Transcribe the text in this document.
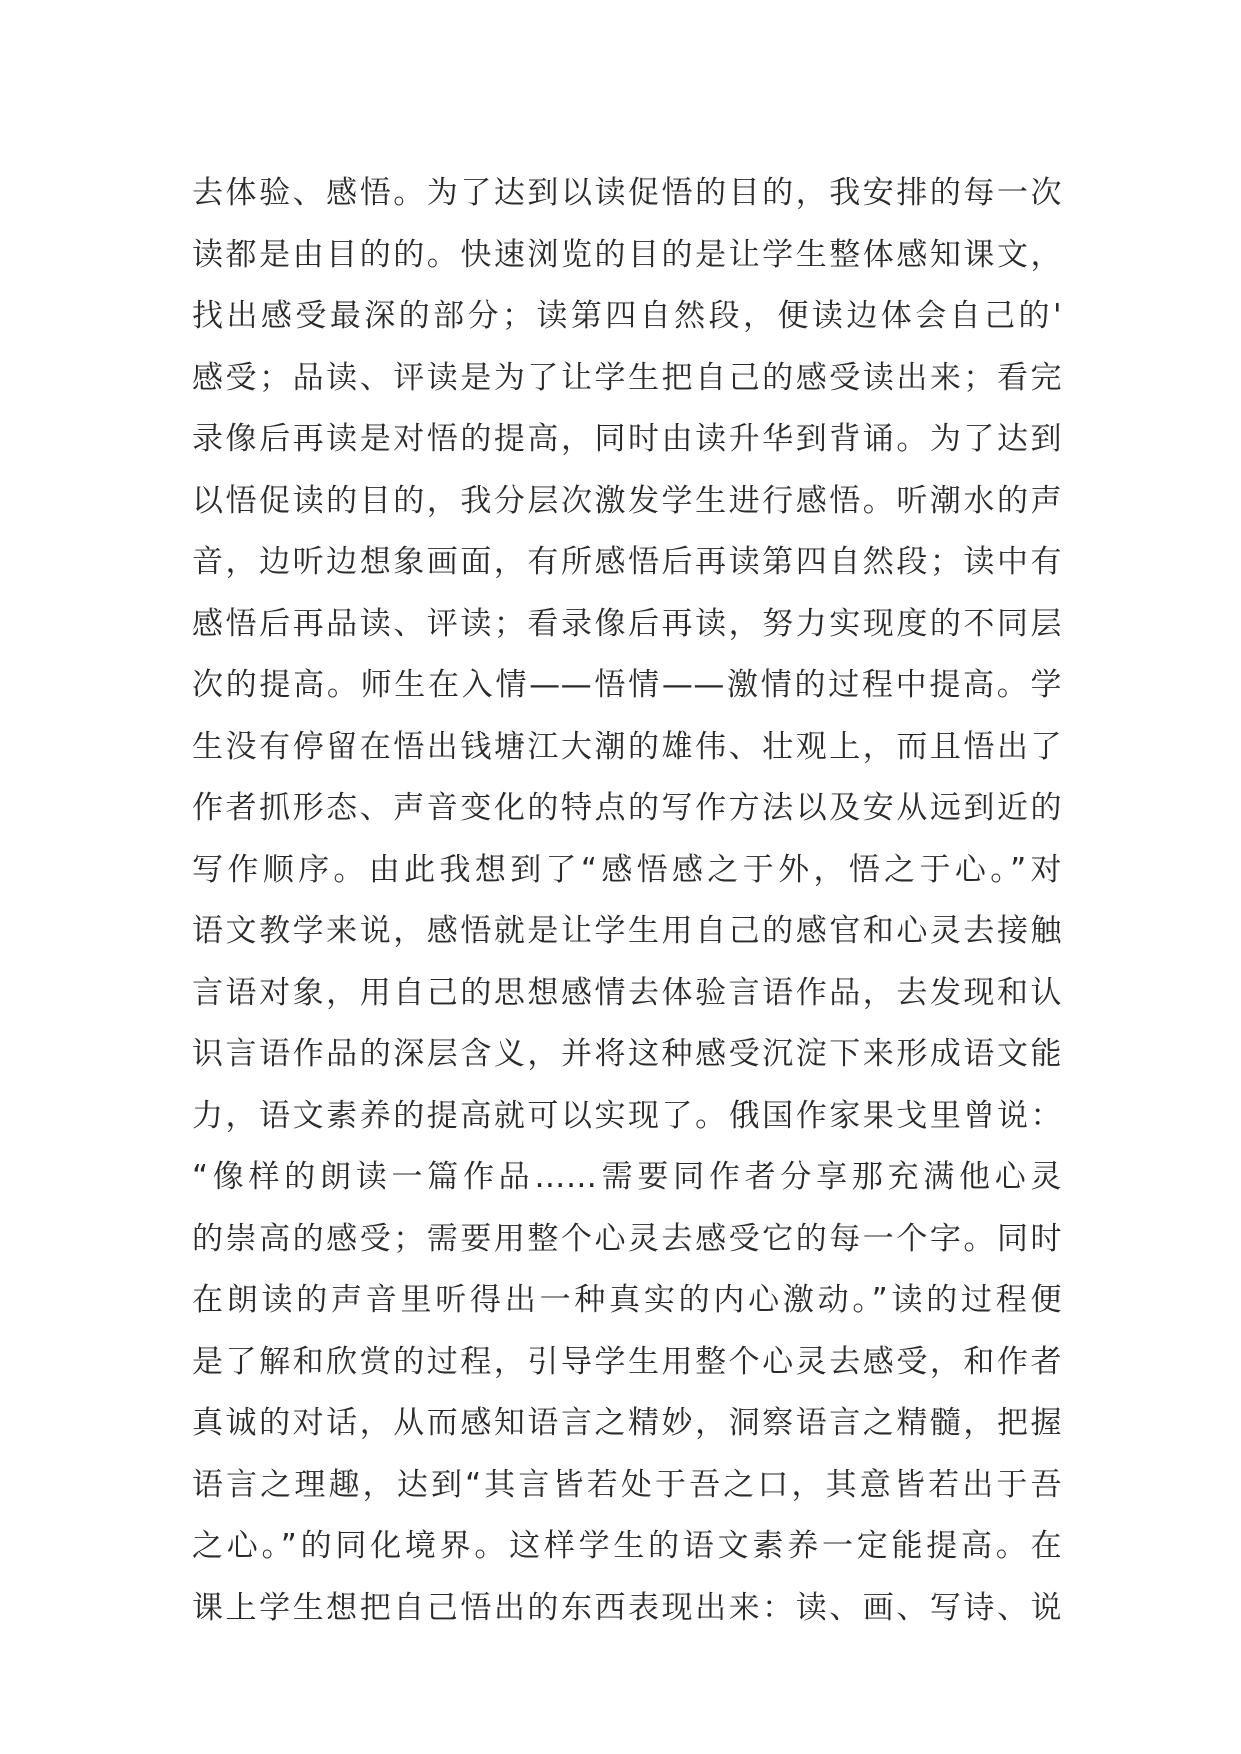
去体验、感悟。为了达到以读促悟的目的，我安排的每一次
读都是由目的的。快速浏览的目的是让学生整体感知课文，
找出感受最深的部分；读第四自然段，便读边体会自己的'
感受；品读、评读是为了让学生把自己的感受读出来；看完
录像后再读是对悟的提高，同时由读升华到背诵。为了达到
以悟促读的目的，我分层次激发学生进行感悟。听潮水的声
音，边听边想象画面，有所感悟后再读第四自然段；读中有
感悟后再品读、评读；看录像后再读，努力实现度的不同层
次的提高。师生在入情——悟情——激情的过程中提高。学
生没有停留在悟出钱塘江大潮的雄伟、壮观上，而且悟出了
作者抓形态、声音变化的特点的写作方法以及安从远到近的
写作顺序。由此我想到了“感悟感之于外，悟之于心。”对
语文教学来说，感悟就是让学生用自己的感官和心灵去接触
言语对象，用自己的思想感情去体验言语作品，去发现和认
识言语作品的深层含义，并将这种感受沉淀下来形成语文能
力，语文素养的提高就可以实现了。俄国作家果戈里曾说：
“像样的朗读一篇作品……需要同作者分享那充满他心灵
的崇高的感受；需要用整个心灵去感受它的每一个字。同时
在朗读的声音里听得出一种真实的内心激动。”读的过程便
是了解和欣赏的过程，引导学生用整个心灵去感受，和作者
真诚的对话，从而感知语言之精妙，洞察语言之精髓，把握
语言之理趣，达到“其言皆若处于吾之口，其意皆若出于吾
之心。”的同化境界。这样学生的语文素养一定能提高。在
课上学生想把自己悟出的东西表现出来：读、画、写诗、说
